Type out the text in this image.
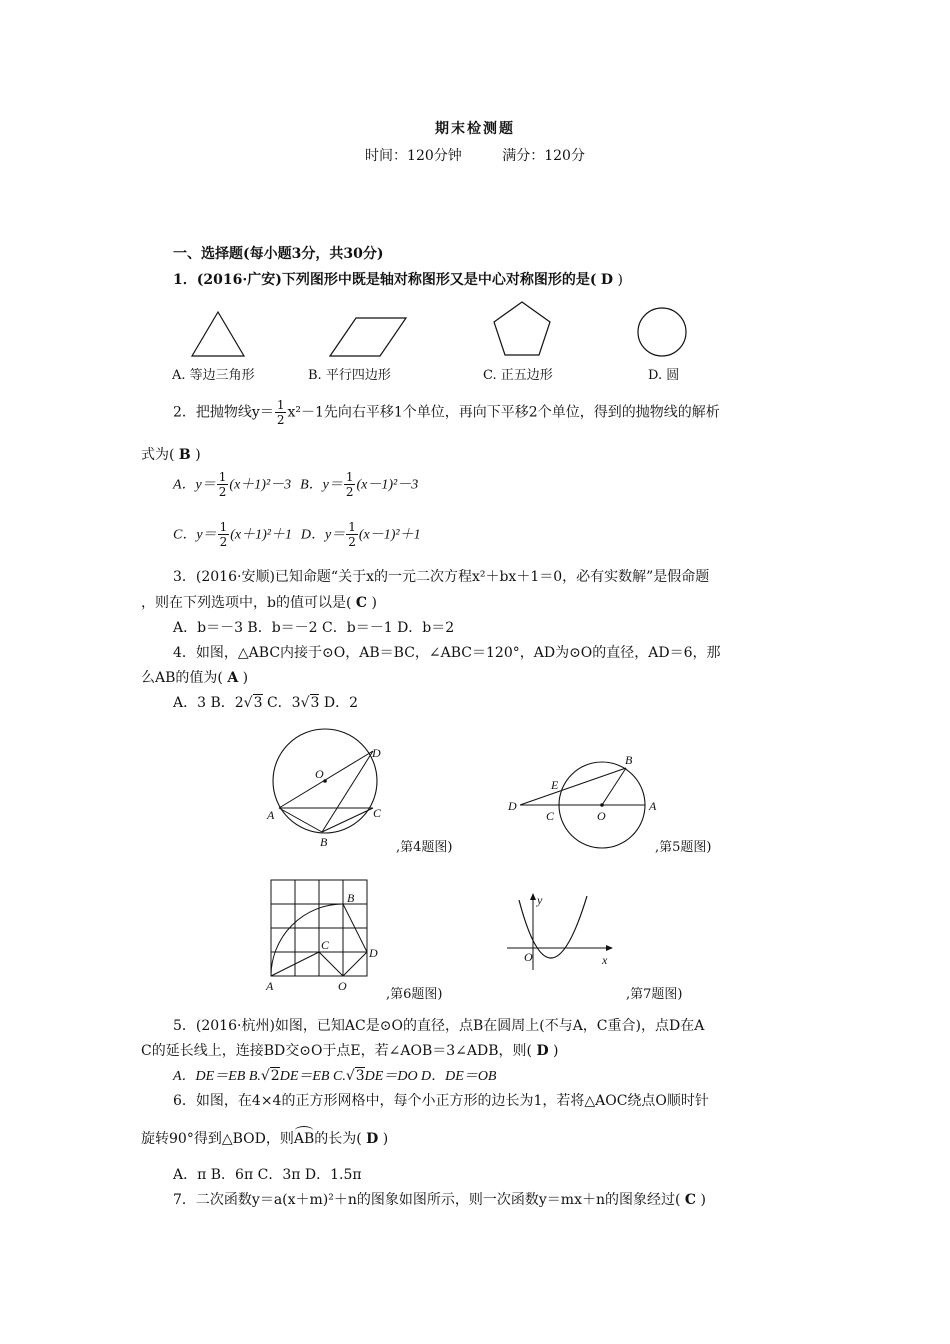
期末检测题
时间：120分钟	满分：120分
一、选择题(每小题3分，共30分)
1．(2016·广安)下列图形中既是轴对称图形又是中心对称图形的是( D )
A. 等边三角形	B. 平行四边形	C. 正五边形	D. 圆
2．把抛物线$y= \frac{1}{2} x^2-1$先向右平移1个单位，再向下平移2个单位，得到的抛物线的解析
式为( B )
A．$y= \frac{1}{2} (x+1)^2-3$ B．$y= \frac{1}{2} (x-1)^2-3$
C．$y= \frac{1}{2} (x+1)^2+1$ D．$y= \frac{1}{2} (x-1)^2+1$
3．(2016·安顺)已知命题“关于x的一元二次方程x²＋bx＋1＝0，必有实数解”是假命题
，则在下列选项中，b的值可以是( C )
A．b＝－3 B．b＝－2 C．b＝－1 D．b＝2
4．如图，△ABC内接于⊙O，AB＝BC，∠ABC＝120°，AD为⊙O的直径，AD＝6，那
么AB的值为( A )
A．3 B．2√3 C．3√3 D．2
O
D
A	C
B	,第4题图)
B
E
D
C	O
A
,第5题图)
B
C
D
A	O
,第6题图)
y
O	x
,第7题图)
5．(2016·杭州)如图，已知AC是⊙O的直径，点B在圆周上(不与A，C重合)，点D在A
C的延长线上，连接BD交⊙O于点E，若∠AOB＝3∠ADB，则( D )
A．DE＝EB B.√2DE＝EB C.√3DE＝DO D．DE＝OB
6．如图，在4×4的正方形网格中，每个小正方形的边长为1，若将△AOC绕点O顺时针
旋转90°得到△BOD，则
AB的长为( D )
A．π B．6π C．3π D．1.5π
7．二次函数y＝a(x＋m)²＋n的图象如图所示，则一次函数y＝mx＋n的图象经过( C )
